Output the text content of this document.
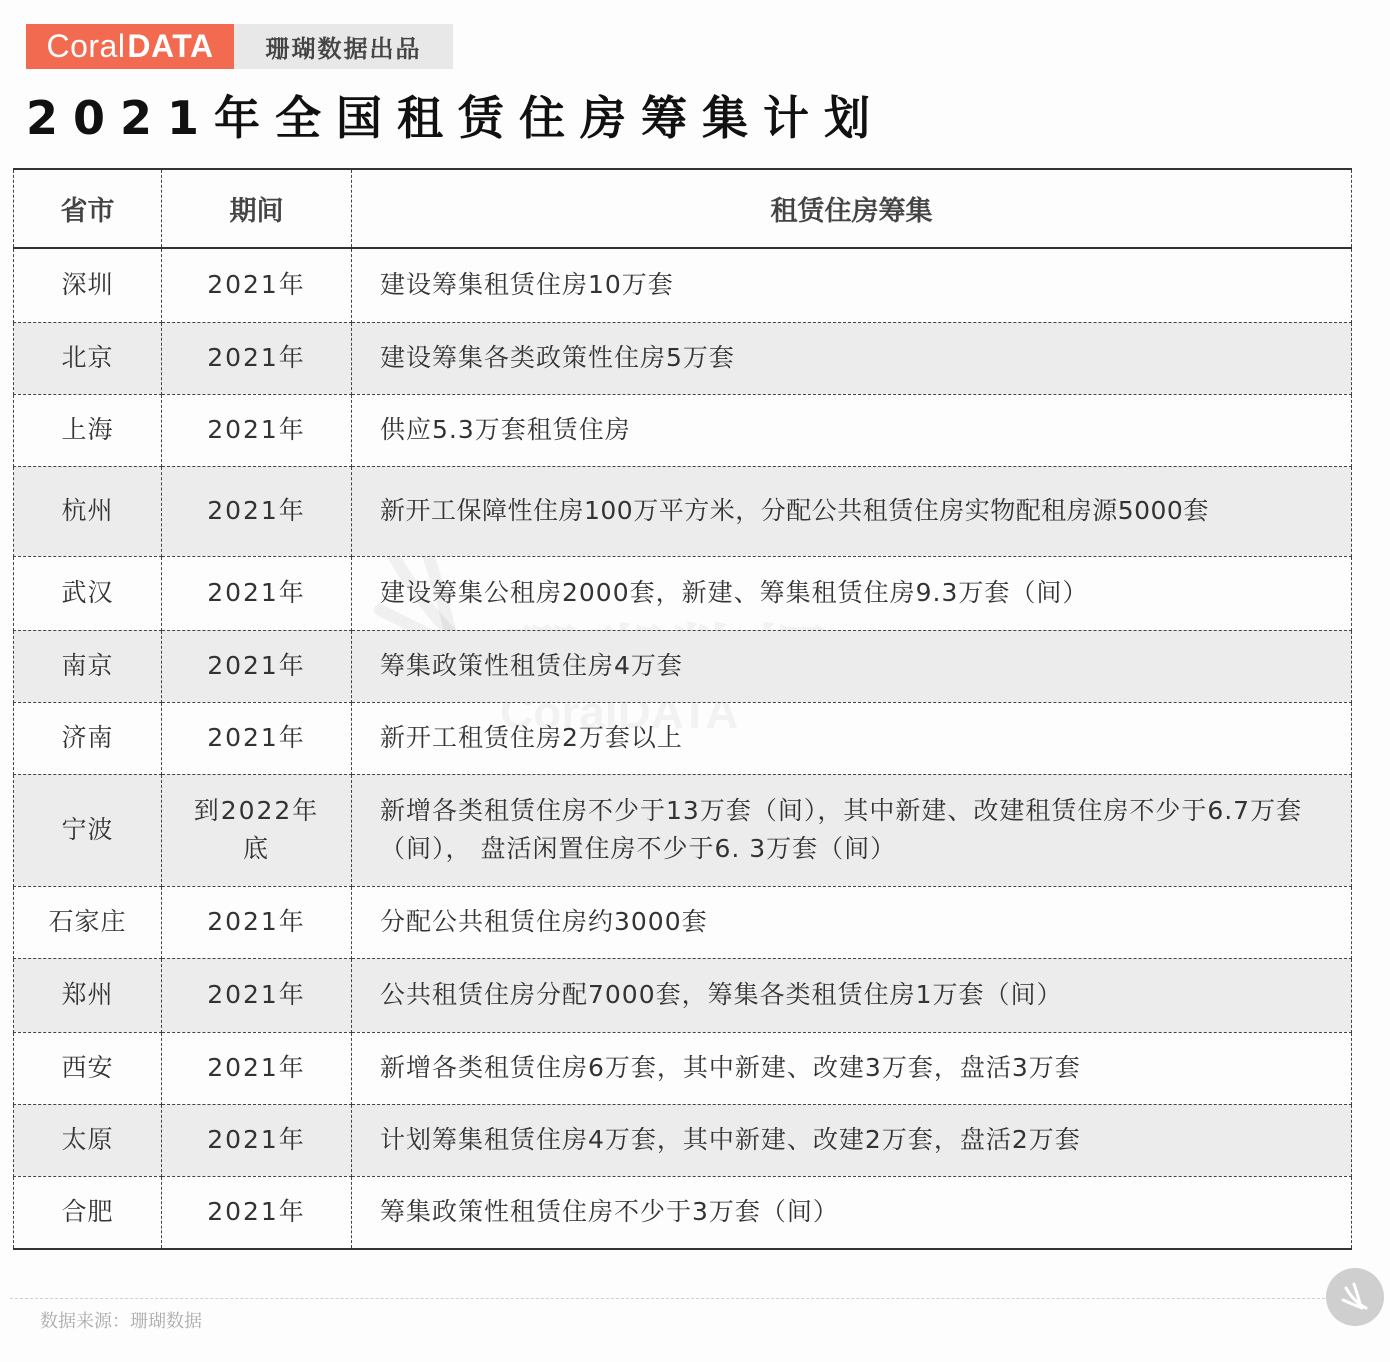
Coral DATA	珊瑚数据出品
2021年全国租赁住房筹集计划
省市	期间	租赁住房筹集
深圳	2021年	建设筹集租赁住房10万套
北京	2021年	建设筹集各类政策性住房5万套
上海	2021年	供应5.3万套租赁住房
杭州	2021年	新开工保障性住房100万平方米，分配公共租赁住房实物配租房源5000套
武汉	2021年	建设筹集公租房2000套，新建、筹集租赁住房9.3万套（间）
南京	2021年	筹集政策性租赁住房4万套
济南	2021年	新开工租赁住房2万套以上
宁波	到2022年底	新增各类租赁住房不少于13万套（间），其中新建、改建租赁住房不少于6.7万套（间）， 盘活闲置住房不少于6. 3万套（间）
石家庄	2021年	分配公共租赁住房约3000套
郑州	2021年	公共租赁住房分配7000套，筹集各类租赁住房1万套（间）
西安	2021年	新增各类租赁住房6万套，其中新建、改建3万套，盘活3万套
太原	2021年	计划筹集租赁住房4万套，其中新建、改建2万套，盘活2万套
合肥	2021年	筹集政策性租赁住房不少于3万套（间）
数据来源：珊瑚数据
